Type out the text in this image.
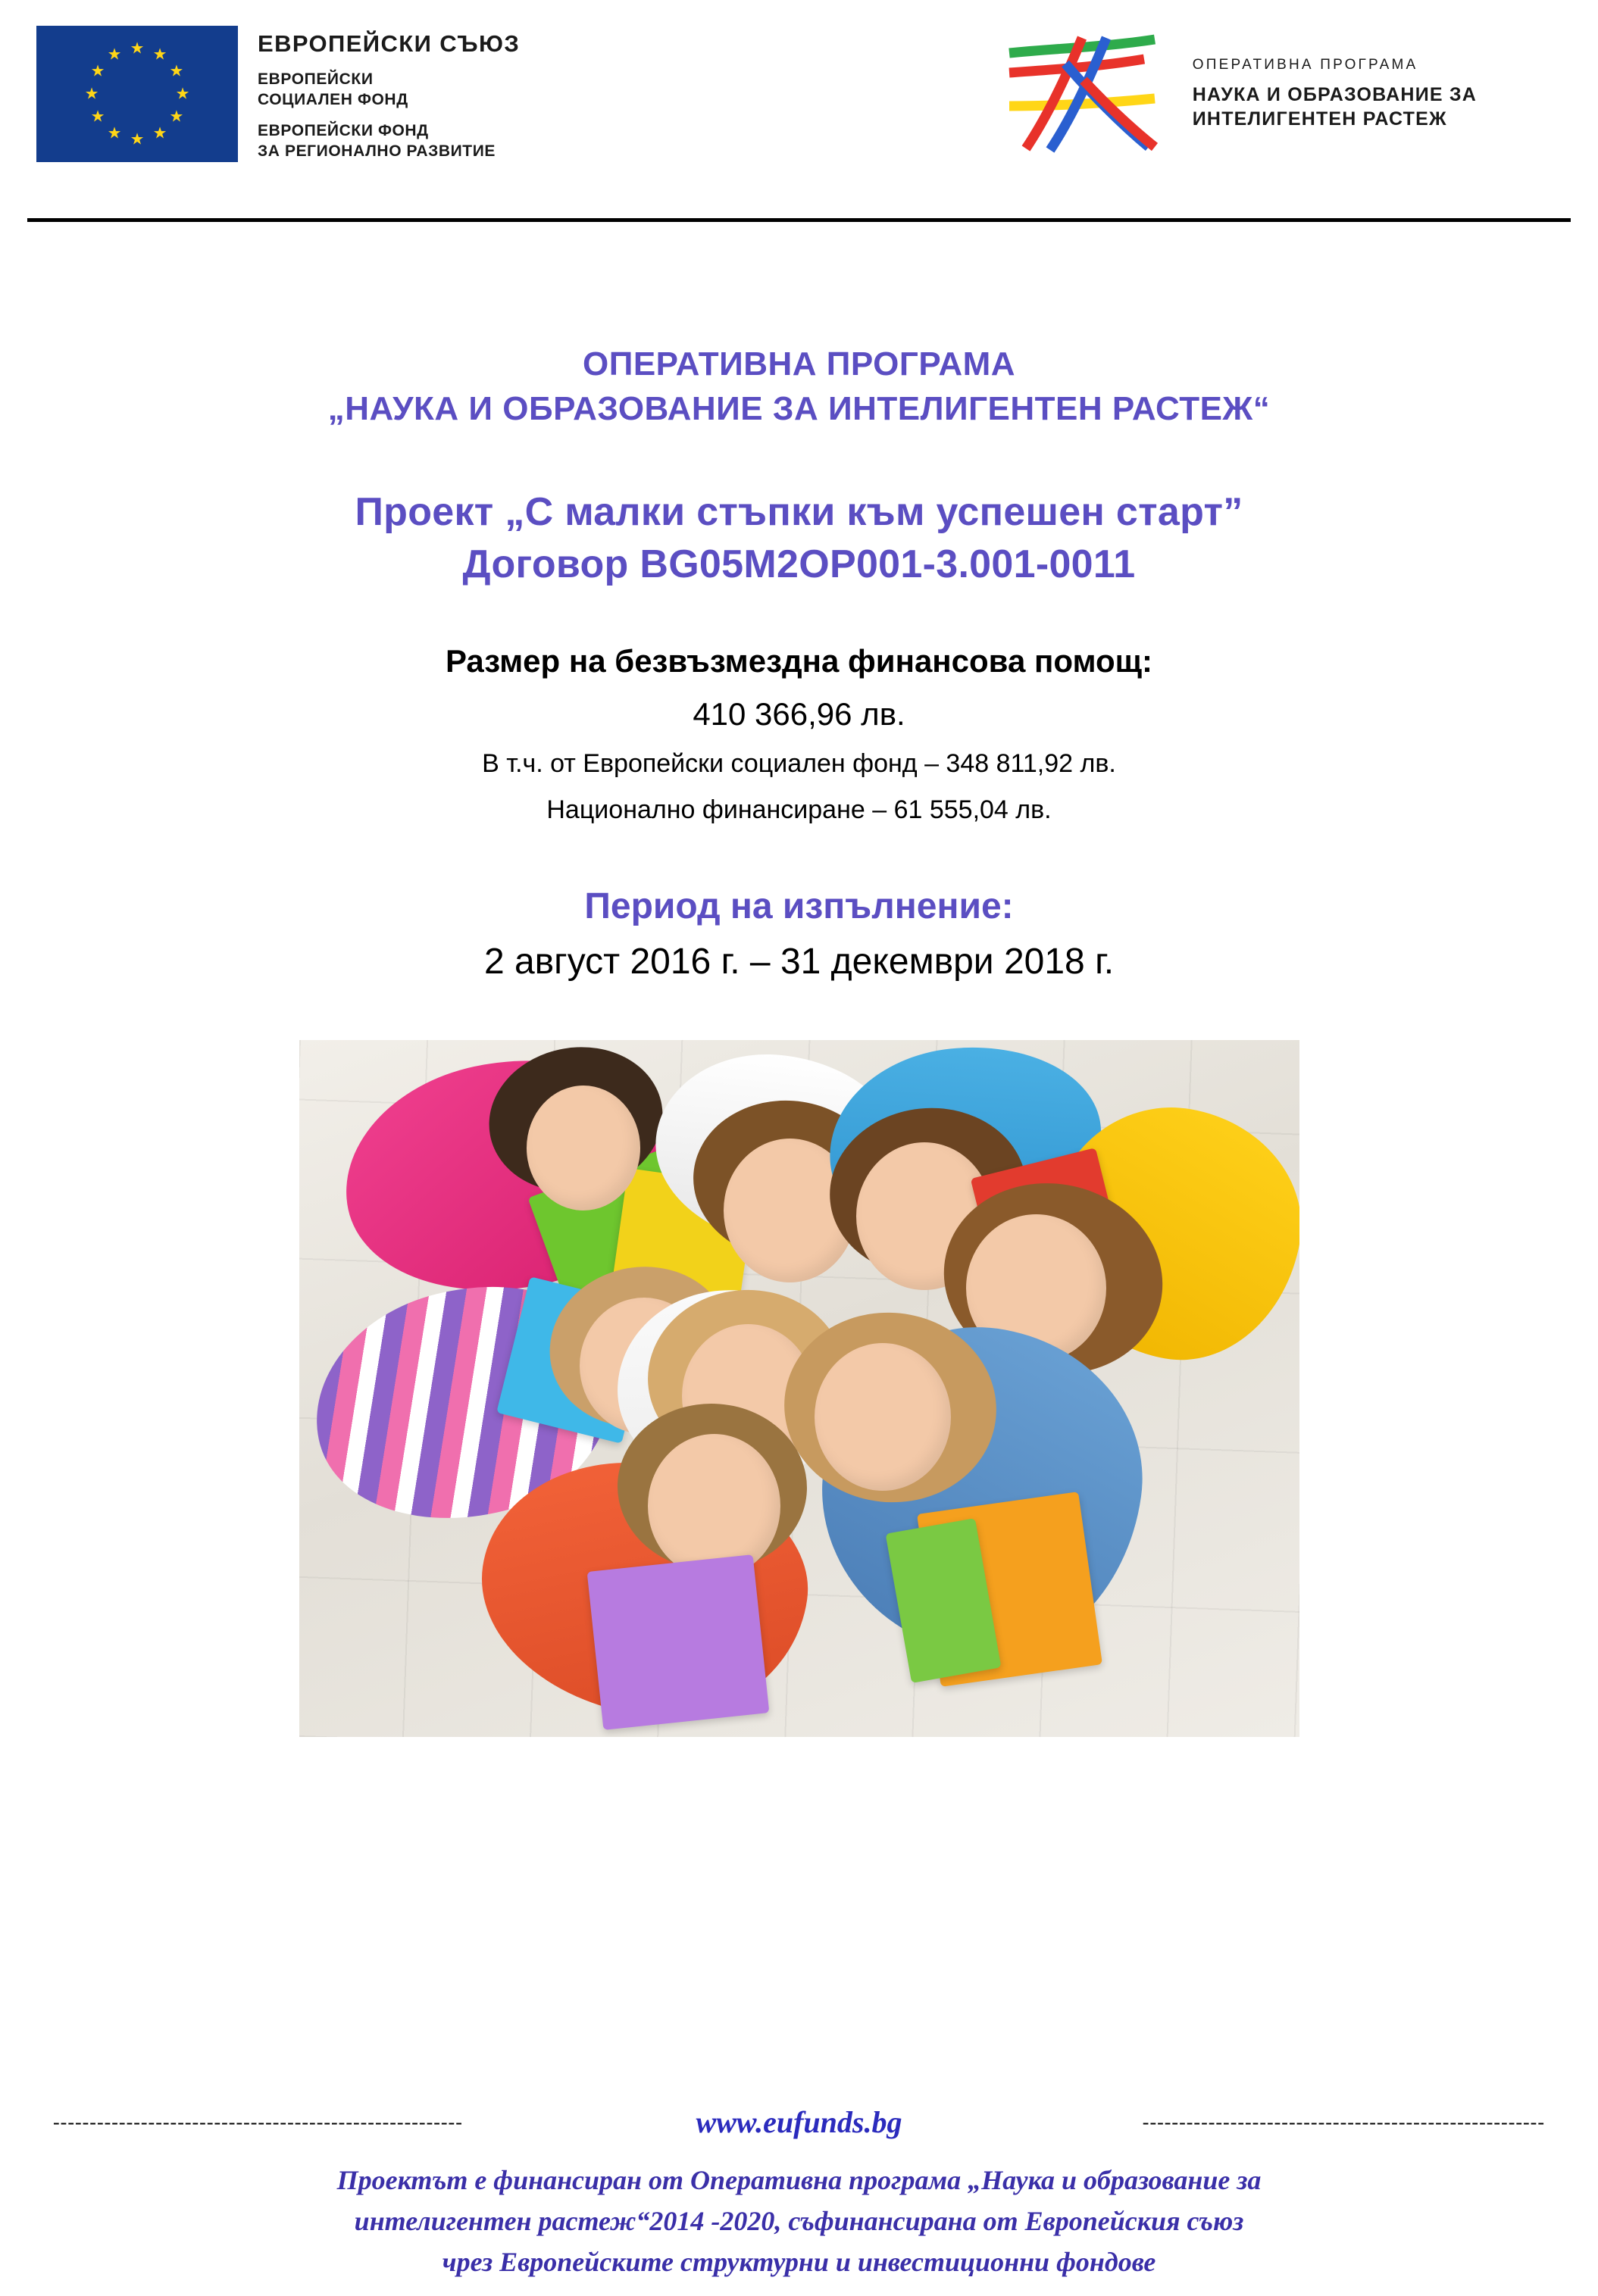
ЕВРОПЕЙСКИ СЪЮЗ
ЕВРОПЕЙСКИ
СОЦИАЛЕН ФОНД
ЕВРОПЕЙСКИ ФОНД
ЗА РЕГИОНАЛНО РАЗВИТИЕ
ОПЕРАТИВНА ПРОГРАМА
НАУКА И ОБРАЗОВАНИЕ ЗА
ИНТЕЛИГЕНТЕН РАСТЕЖ
ОПЕРАТИВНА ПРОГРАМА
„НАУКА И ОБРАЗОВАНИЕ ЗА ИНТЕЛИГЕНТЕН РАСТЕЖ“
Проект „С малки стъпки към успешен старт”
Договор BG05M2OP001-3.001-0011
Размер на безвъзмездна финансова помощ:
410 366,96 лв.
В т.ч. от Европейски социален фонд – 348 811,92 лв.
Национално финансиране – 61 555,04 лв.
Период на изпълнение:
2 август 2016 г. – 31 декември 2018 г.
--------------------------------------------------------	www.eufunds.bg	-------------------------------------------------------
Проектът е финансиран от Оперативна програма „Наука и образование за
интелигентен растеж“2014 -2020, съфинансирана от Европейския съюз
чрез Европейските структурни и инвестиционни фондове
